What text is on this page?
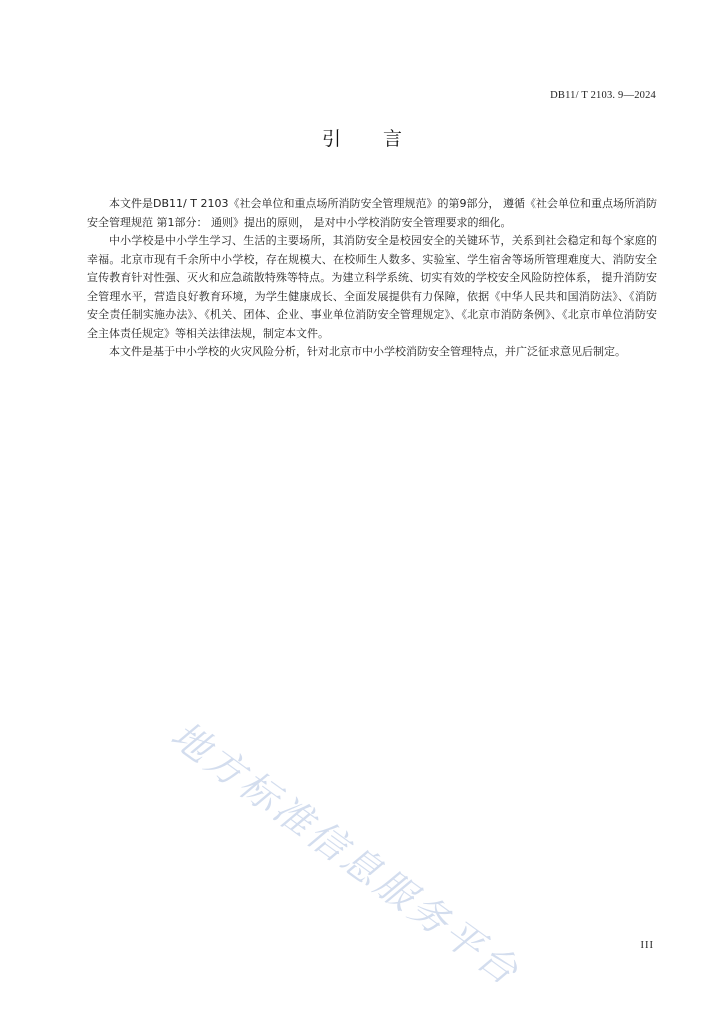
DB11/ T 2103. 9—2024
引言

本文件是DB11/ T 2103《社会单位和重点场所消防安全管理规范》的第9部分， 遵循《社会单位和重点场所消防安全管理规范 第1部分： 通则》提出的原则， 是对中小学校消防安全管理要求的细化。

中小学校是中小学生学习、生活的主要场所，其消防安全是校园安全的关键环节，关系到社会稳定和每个家庭的幸福。北京市现有千余所中小学校，存在规模大、在校师生人数多、实验室、学生宿舍等场所管理难度大、消防安全宣传教育针对性强、灭火和应急疏散特殊等特点。为建立科学系统、切实有效的学校安全风险防控体系， 提升消防安全管理水平，营造良好教育环境，为学生健康成长、全面发展提供有力保障，依据《中华人民共和国消防法》、《消防安全责任制实施办法》、《机关、团体、企业、事业单位消防安全管理规定》、《北京市消防条例》、《北京市单位消防安全主体责任规定》等相关法律法规，制定本文件。

本文件是基于中小学校的火灾风险分析，针对北京市中小学校消防安全管理特点，并广泛征求意见后制定。

地方标准信息服务平台	III
